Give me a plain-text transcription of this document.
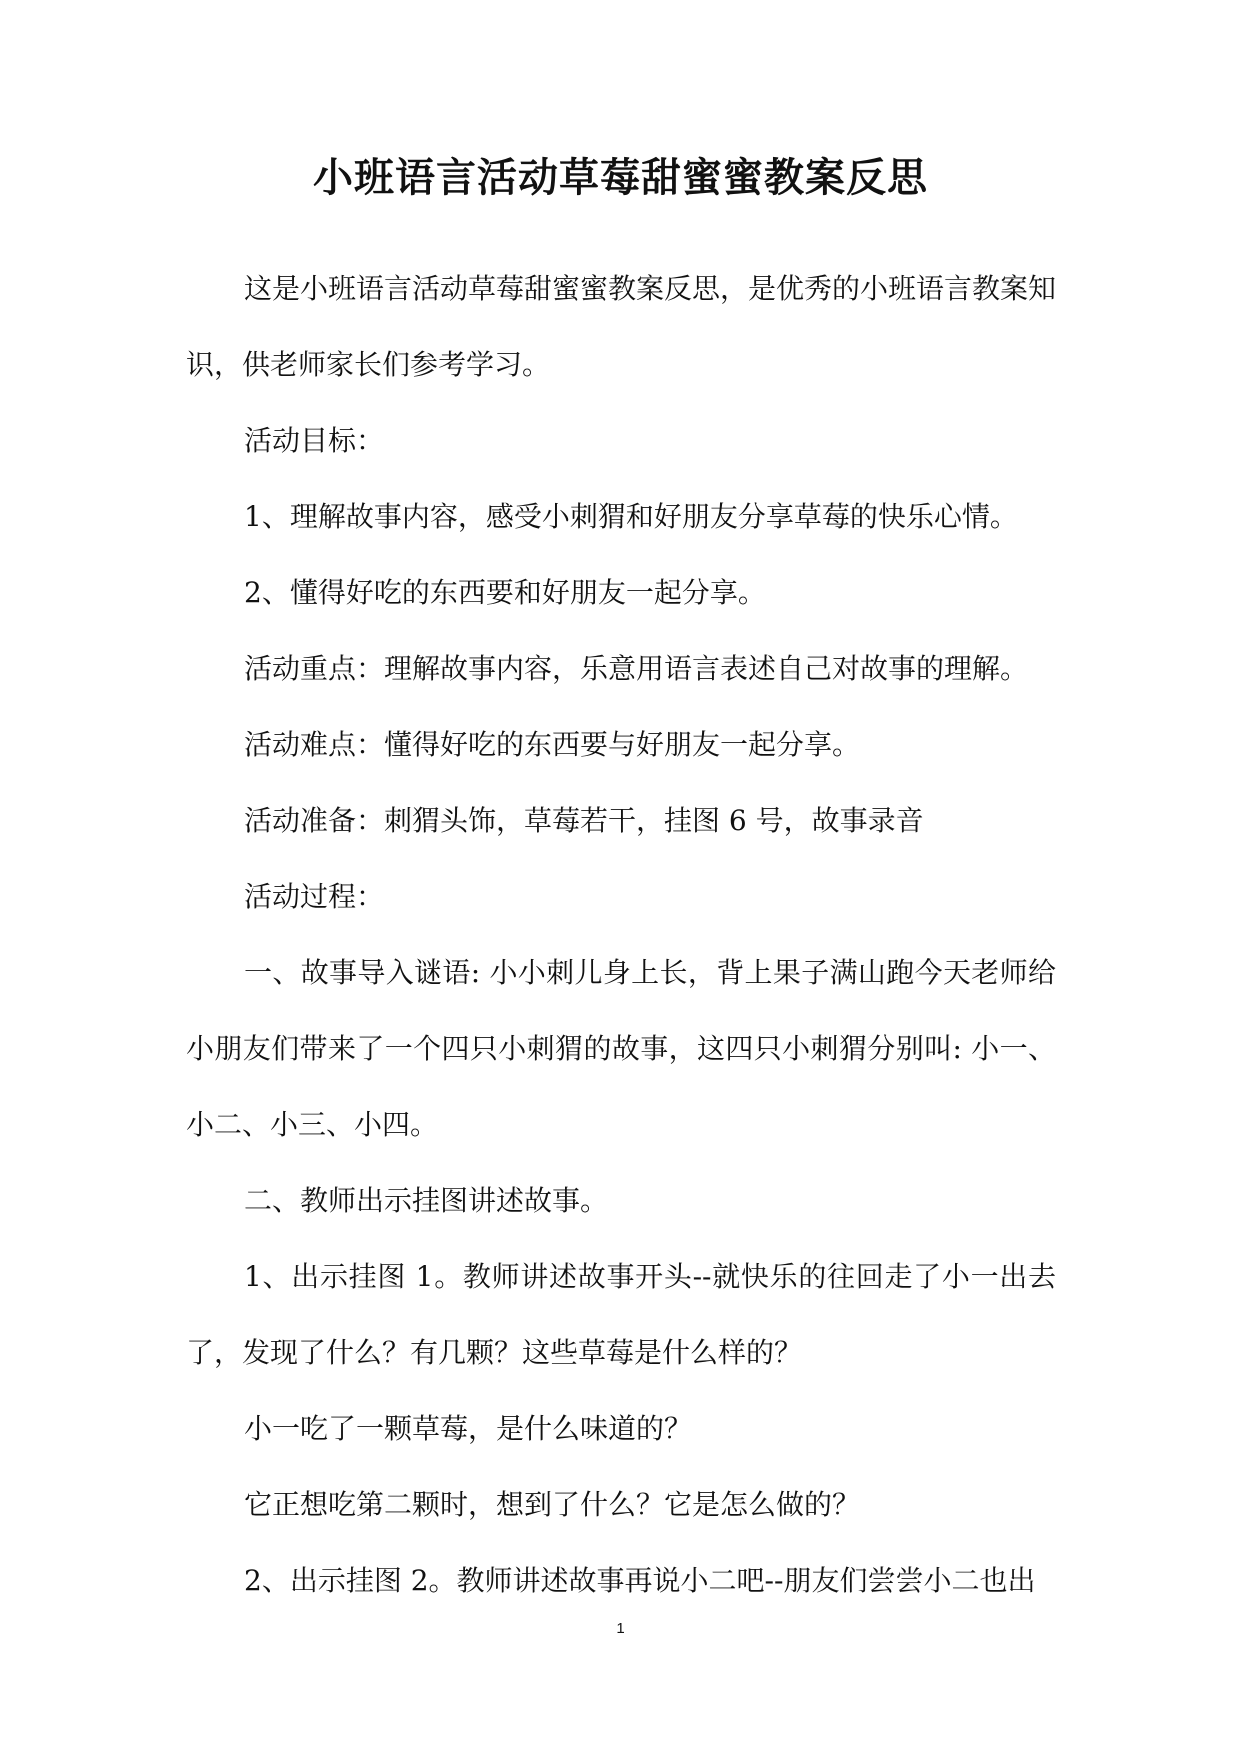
小班语言活动草莓甜蜜蜜教案反思

这是小班语言活动草莓甜蜜蜜教案反思，是优秀的小班语言教案知识，供老师家长们参考学习。

活动目标：

1、理解故事内容，感受小刺猬和好朋友分享草莓的快乐心情。

2、懂得好吃的东西要和好朋友一起分享。

活动重点：理解故事内容，乐意用语言表述自己对故事的理解。

活动难点：懂得好吃的东西要与好朋友一起分享。

活动准备：刺猬头饰，草莓若干，挂图 6 号，故事录音

活动过程：

一、故事导入谜语: 小小刺儿身上长，背上果子满山跑今天老师给小朋友们带来了一个四只小刺猬的故事，这四只小刺猬分别叫: 小一、小二、小三、小四。

二、教师出示挂图讲述故事。

1、出示挂图 1。教师讲述故事开头--就快乐的往回走了小一出去了，发现了什么？有几颗？这些草莓是什么样的？

小一吃了一颗草莓，是什么味道的？

它正想吃第二颗时，想到了什么？它是怎么做的？

2、出示挂图 2。教师讲述故事再说小二吧--朋友们尝尝小二也出

1
